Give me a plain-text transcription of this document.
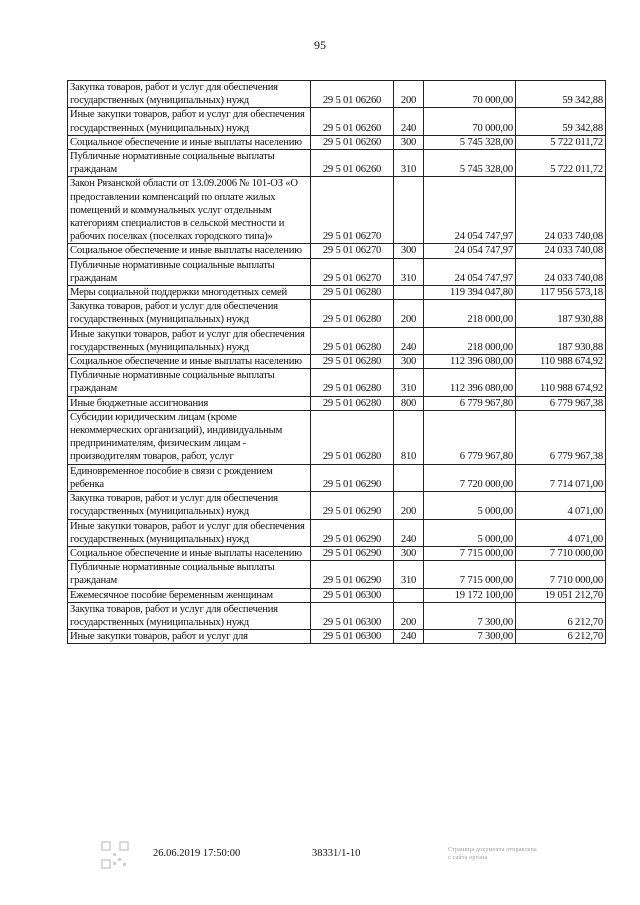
95
Закупка товаров, работ и услуг для обеспечения государственных (муниципальных) нужд	29 5 01 06260	200	70 000,00	59 342,88
Иные закупки товаров, работ и услуг для обеспечения государственных (муниципальных) нужд	29 5 01 06260	240	70 000,00	59 342,88
Социальное обеспечение и иные выплаты населению	29 5 01 06260	300	5 745 328,00	5 722 011,72
Публичные нормативные социальные выплаты гражданам	29 5 01 06260	310	5 745 328,00	5 722 011,72
Закон Рязанской области от 13.09.2006 № 101-ОЗ «О предоставлении компенсаций по оплате жилых помещений и коммунальных услуг отдельным категориям специалистов в сельской местности и рабочих поселках (поселках городского типа)»	29 5 01 06270		24 054 747,97	24 033 740,08
Социальное обеспечение и иные выплаты населению	29 5 01 06270	300	24 054 747,97	24 033 740,08
Публичные нормативные социальные выплаты гражданам	29 5 01 06270	310	24 054 747,97	24 033 740,08
Меры социальной поддержки многодетных семей	29 5 01 06280		119 394 047,80	117 956 573,18
Закупка товаров, работ и услуг для обеспечения государственных (муниципальных) нужд	29 5 01 06280	200	218 000,00	187 930,88
Иные закупки товаров, работ и услуг для обеспечения государственных (муниципальных) нужд	29 5 01 06280	240	218 000,00	187 930,88
Социальное обеспечение и иные выплаты населению	29 5 01 06280	300	112 396 080,00	110 988 674,92
Публичные нормативные социальные выплаты гражданам	29 5 01 06280	310	112 396 080,00	110 988 674,92
Иные бюджетные ассигнования	29 5 01 06280	800	6 779 967,80	6 779 967,38
Субсидии юридическим лицам (кроме некоммерческих организаций), индивидуальным предпринимателям, физическим лицам - производителям товаров, работ, услуг	29 5 01 06280	810	6 779 967,80	6 779 967,38
Единовременное пособие в связи с рождением ребенка	29 5 01 06290		7 720 000,00	7 714 071,00
Закупка товаров, работ и услуг для обеспечения государственных (муниципальных) нужд	29 5 01 06290	200	5 000,00	4 071,00
Иные закупки товаров, работ и услуг для обеспечения государственных (муниципальных) нужд	29 5 01 06290	240	5 000,00	4 071,00
Социальное обеспечение и иные выплаты населению	29 5 01 06290	300	7 715 000,00	7 710 000,00
Публичные нормативные социальные выплаты гражданам	29 5 01 06290	310	7 715 000,00	7 710 000,00
Ежемесячное пособие беременным женщинам	29 5 01 06300		19 172 100,00	19 051 212,70
Закупка товаров, работ и услуг для обеспечения государственных (муниципальных) нужд	29 5 01 06300	200	7 300,00	6 212,70
Иные закупки товаров, работ и услуг для	29 5 01 06300	240	7 300,00	6 212,70
26.06.2019 17:50:00	38331/1-10	Страница документа отправлена
с сайта органа
